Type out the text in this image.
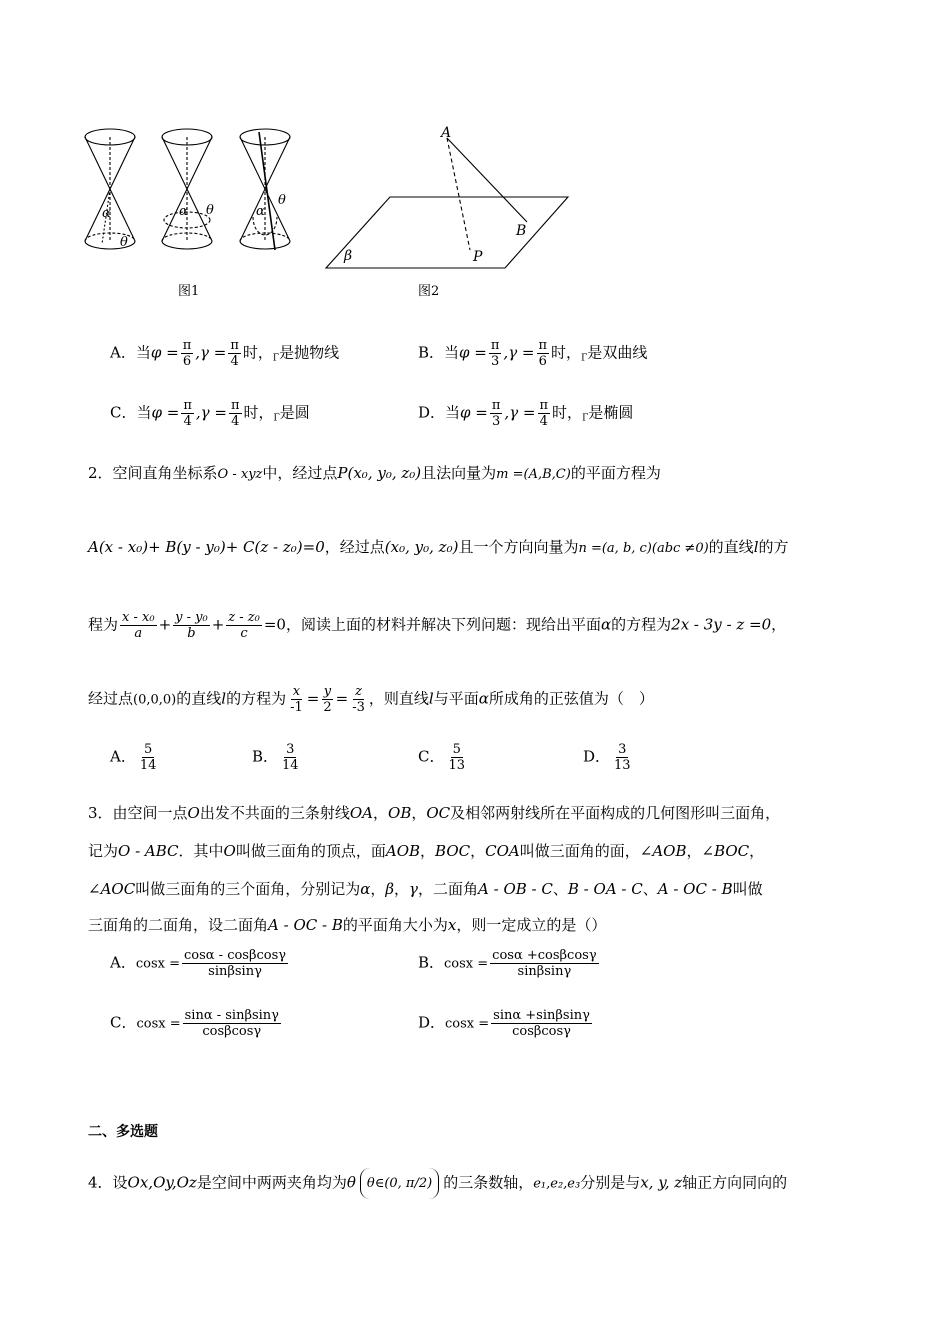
α
θ
α θ	α
θ
图1
A
B
P
β
图2
A．当$\varphi = \frac{\pi}{6} ,\gamma = \frac{\pi}{4}$ 时，$_\Gamma$是抛物线	B．当$\varphi = \frac{\pi}{3} ,\gamma = \frac{\pi}{6}$ 时，$_\Gamma$是双曲线
C．当$\varphi = \frac{\pi}{4} ,\gamma = \frac{\pi}{4}$ 时，$_\Gamma$是圆	D．当$\varphi = \frac{\pi}{3} ,\gamma = \frac{\pi}{4}$ 时，$_\Gamma$是椭圆
2．空间直角坐标系O - xyz中，经过点P(x₀, y₀, z₀)且法向量为m =(A,B,C)的平面方程为
A(x - x₀)+ B(y - y₀)+ C(z - z₀)=0，经过点(x₀, y₀, z₀)且一个方向向量为n =(a, b, c)(abc ≠0)的直线l的方
程为 $\frac{\text{x - x₀}}{a} + \frac{\text{y - y₀}}{b} + \frac{\text{z - z₀}}{c} =0$，阅读上面的材料并解决下列问题：现给出平面α的方程为2x - 3y - z =0，
经过点(0,0,0)的直线l的方程为 $\frac{x}{-1} = \frac{y}{2} = \frac{z}{-3}$ ，则直线l与平面α所成角的正弦值为（　）
A． $\frac{5}{14}$	B． $\frac{3}{14}$	C． $\frac{5}{13}$	D． $\frac{3}{13}$
3．由空间一点O出发不共面的三条射线OA，OB，OC及相邻两射线所在平面构成的几何图形叫三面角，
记为O - ABC．其中O叫做三面角的顶点，面AOB，BOC，COA叫做三面角的面，∠AOB，∠BOC，
∠AOC叫做三面角的三个面角，分别记为α，β，γ，二面角A - OB - C、B - OA - C、A - OC - B叫做
三面角的二面角，设二面角A - OC - B的平面角大小为x，则一定成立的是（）
A．$\cos x = \frac{\cos\alpha - \cos\beta\cos\gamma}{\sin\beta\sin\gamma}$	B．$\cos x = \frac{\cos\alpha +\cos\beta\cos\gamma}{\sin\beta\sin\gamma}$
C．$\cos x = \frac{\sin\alpha - \sin\beta\sin\gamma}{\cos\beta\cos\gamma}$	D．$\cos x = \frac{\sin\alpha +\sin\beta\sin\gamma}{\cos\beta\cos\gamma}$
二、多选题
4．设Ox,Oy,Oz是空间中两两夹角均为θ θ∈(0, π/2) 的三条数轴，e₁,e₂,e₃分别是与x, y, z轴正方向同向的
